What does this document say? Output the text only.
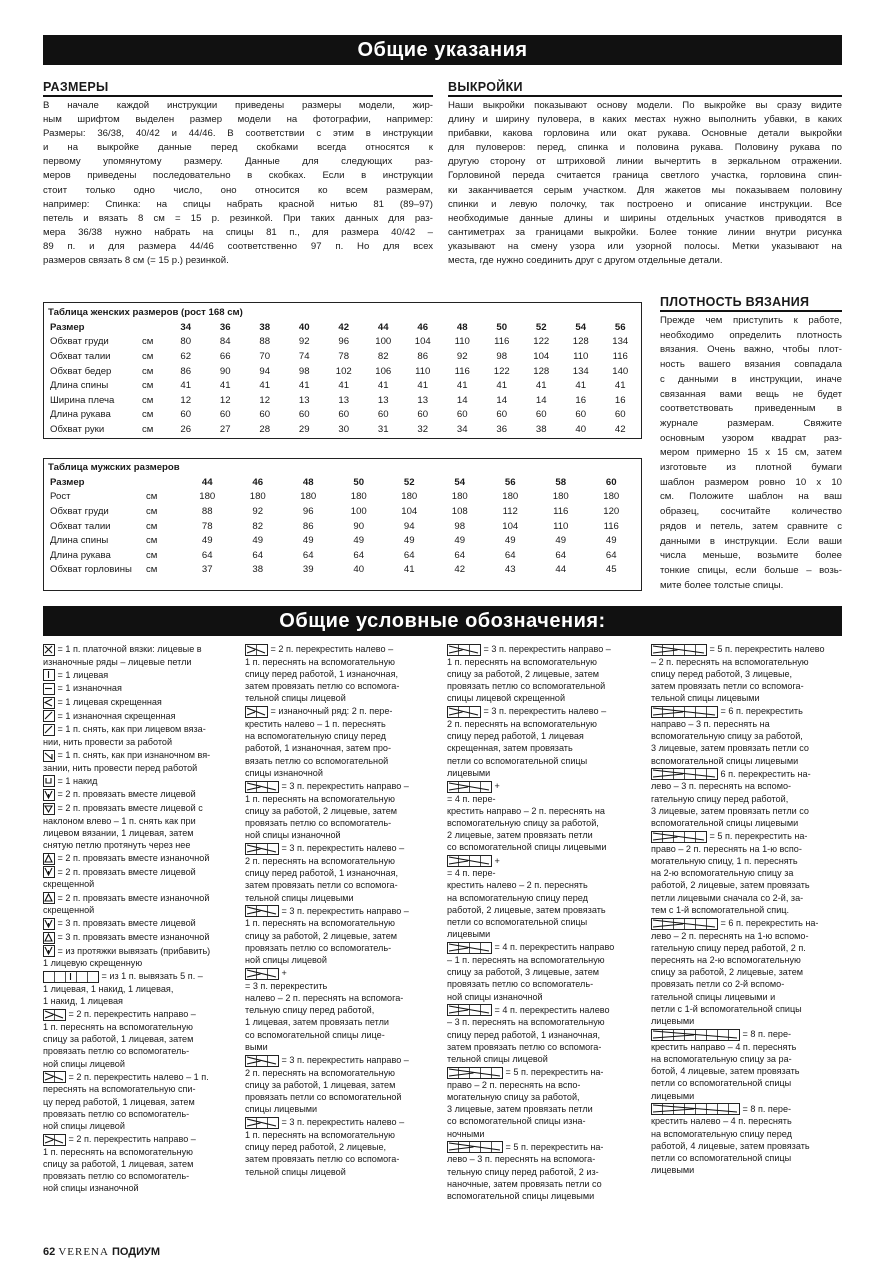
Общие указания
РАЗМЕРЫ
В начале каждой инструкции приведены размеры модели, жир-
ным шрифтом выделен размер модели на фотографии, например:
Размеры: 36/38, 40/42 и 44/46. В соответствии с этим в инструкции
и на выкройке данные перед скобками всегда относятся к
первому упомянутому размеру. Данные для следующих раз-
меров приведены последовательно в скобках. Если в инструкции
стоит только одно число, оно относится ко всем размерам,
например: Спинка: на спицы набрать красной нитью 81 (89–97)
петель и вязать 8 см = 15 р. резинкой. При таких данных для раз-
мера 36/38 нужно набрать на спицы 81 п., для размера 40/42 –
89 п. и для размера 44/46 соответственно 97 п. Но для всех
размеров связать 8 см (= 15 р.) резинкой.
ВЫКРОЙКИ
Наши выкройки показывают основу модели. По выкройке вы сразу видите
длину и ширину пуловера, в каких местах нужно выполнить убавки, в каких
прибавки, какова горловина или окат рукава. Основные детали выкройки
для пуловеров: перед, спинка и половина рукава. Половину рукава по
другую сторону от штриховой линии вычертить в зеркальном отражении.
Горловиной переда считается граница светлого участка, горловина спин-
ки заканчивается серым участком. Для жакетов мы показываем половину
спинки и левую полочку, так построено и описание инструкции. Все
необходимые данные длины и ширины отдельных участков приводятся в
сантиметрах за границами выкройки. Более тонкие линии внутри рисунка
указывают на смену узора или узорной полосы. Метки указывают на
места, где нужно соединить друг с другом отдельные детали.
Таблица женских размеров (рост 168 см)
Размер		34	36	38	40	42	44	46	48	50	52	54	56
Обхват груди	см	80	84	88	92	96	100	104	110	116	122	128	134
Обхват талии	см	62	66	70	74	78	82	86	92	98	104	110	116
Обхват бедер	см	86	90	94	98	102	106	110	116	122	128	134	140
Длина спины	см	41	41	41	41	41	41	41	41	41	41	41	41
Ширина плеча	см	12	12	12	13	13	13	13	14	14	14	16	16
Длина рукава	см	60	60	60	60	60	60	60	60	60	60	60	60
Обхват руки	см	26	27	28	29	30	31	32	34	36	38	40	42
Таблица мужских размеров
Размер		44	46	48	50	52	54	56	58	60
Рост	см	180	180	180	180	180	180	180	180	180
Обхват груди	см	88	92	96	100	104	108	112	116	120
Обхват талии	см	78	82	86	90	94	98	104	110	116
Длина спины	см	49	49	49	49	49	49	49	49	49
Длина рукава	см	64	64	64	64	64	64	64	64	64
Обхват горловины	см	37	38	39	40	41	42	43	44	45
ПЛОТНОСТЬ ВЯЗАНИЯ
Прежде чем приступить к работе,
необходимо определить плотность
вязания. Очень важно, чтобы плот-
ность вашего вязания совпадала
с данными в инструкции, иначе
связанная вами вещь не будет
соответствовать приведенным в
журнале размерам. Свяжите
основным узором квадрат раз-
мером примерно 15 х 15 см, затем
изготовьте из плотной бумаги
шаблон размером ровно 10 х 10
см. Положите шаблон на ваш
образец, сосчитайте количество
рядов и петель, затем сравните с
данными в инструкции. Если ваши
числа меньше, возьмите более
тонкие спицы, если больше – возь-
мите более толстые спицы.
Общие условные обозначения:
= 1 п. платочной вязки: лицевые в
изнаночные ряды – лицевые петли
= 1 лицевая
= 1 изнаночная
= 1 лицевая скрещенная
= 1 изнаночная скрещенная
= 1 п. снять, как при лицевом вяза-
нии, нить провести за работой
= 1 п. снять, как при изнаночном вя-
зании, нить провести перед работой
= 1 накид
= 2 п. провязать вместе лицевой
= 2 п. провязать вместе лицевой с
наклоном влево – 1 п. снять как при
лицевом вязании, 1 лицевая, затем
снятую петлю протянуть через нее
= 2 п. провязать вместе изнаночной
= 2 п. провязать вместе лицевой
скрещенной
= 2 п. провязать вместе изнаночной
скрещенной
= 3 п. провязать вместе лицевой
= 3 п. провязать вместе изнаночной
= из протяжки вывязать (прибавить)
1 лицевую скрещенную
= из 1 п. вывязать 5 п. –
1 лицевая, 1 накид, 1 лицевая,
1 накид, 1 лицевая
= 2 п. перекрестить направо –
1 п. переснять на вспомогательную
спицу за работой, 1 лицевая, затем
провязать петлю со вспомогатель-
ной спицы лицевой
= 2 п. перекрестить налево – 1 п.
переснять на вспомогательную спи-
цу перед работой, 1 лицевая, затем
провязать петлю со вспомогатель-
ной спицы лицевой
= 2 п. перекрестить направо –
1 п. переснять на вспомогательную
спицу за работой, 1 лицевая, затем
провязать петлю со вспомогатель-
ной спицы изнаночной
= 2 п. перекрестить налево –
1 п. переснять на вспомогательную
спицу перед работой, 1 изнаночная,
затем провязать петлю со вспомога-
тельной спицы лицевой
= изнаночный ряд: 2 п. пере-
крестить налево – 1 п. переснять
на вспомогательную спицу перед
работой, 1 изнаночная, затем про-
вязать петлю со вспомогательной
спицы изнаночной
= 3 п. перекрестить направо –
1 п. переснять на вспомогательную
спицу за работой, 2 лицевые, затем
провязать петлю со вспомогатель-
ной спицы изнаночной
= 3 п. перекрестить налево –
2 п. переснять на вспомогательную
спицу перед работой, 1 изнаночная,
затем провязать петли со вспомога-
тельной спицы лицевыми
= 3 п. перекрестить направо –
1 п. переснять на вспомогательную
спицу за работой, 2 лицевые, затем
провязать петлю со вспомогатель-
ной спицы лицевой
+
= 3 п. перекрестить
налево – 2 п. переснять на вспомога-
тельную спицу перед работой,
1 лицевая, затем провязать петли
со вспомогательной спицы лице-
выми
= 3 п. перекрестить направо –
2 п. переснять на вспомогательную
спицу за работой, 1 лицевая, затем
провязать петли со вспомогательной
спицы лицевыми
= 3 п. перекрестить налево –
1 п. переснять на вспомогательную
спицу перед работой, 2 лицевые,
затем провязать петлю со вспомога-
тельной спицы лицевой
= 3 п. перекрестить направо –
1 п. переснять на вспомогательную
спицу за работой, 2 лицевые, затем
провязать петлю со вспомогательной
спицы лицевой скрещенной
= 3 п. перекрестить налево –
2 п. переснять на вспомогательную
спицу перед работой, 1 лицевая
скрещенная, затем провязать
петли со вспомогательной спицы
лицевыми
+
= 4 п. пере-
крестить направо – 2 п. переснять на
вспомогательную спицу за работой,
2 лицевые, затем провязать петли
со вспомогательной спицы лицевыми
+
= 4 п. пере-
крестить налево – 2 п. переснять
на вспомогательную спицу перед
работой, 2 лицевые, затем провязать
петли со вспомогательной спицы
лицевыми
= 4 п. перекрестить направо
– 1 п. переснять на вспомогательную
спицу за работой, 3 лицевые, затем
провязать петлю со вспомогатель-
ной спицы изнаночной
= 4 п. перекрестить налево
– 3 п. переснять на вспомогательную
спицу перед работой, 1 изнаночная,
затем провязать петлю со вспомога-
тельной спицы лицевой
= 5 п. перекрестить на-
право – 2 п. переснять на вспо-
могательную спицу за работой,
3 лицевые, затем провязать петли
со вспомогательной спицы изна-
ночными
= 5 п. перекрестить на-
лево – 3 п. переснять на вспомога-
тельную спицу перед работой, 2 из-
наночные, затем провязать петли со
вспомогательной спицы лицевыми
= 5 п. перекрестить налево
– 2 п. переснять на вспомогательную
спицу перед работой, 3 лицевые,
затем провязать петли со вспомога-
тельной спицы лицевыми
= 6 п. перекрестить
направо – 3 п. переснять на
вспомогательную спицу за работой,
3 лицевые, затем провязать петли со
вспомогательной спицы лицевыми
6 п. перекрестить на-
лево – 3 п. переснять на вспомо-
гательную спицу перед работой,
3 лицевые, затем провязать петли со
вспомогательной спицы лицевыми
= 5 п. перекрестить на-
право – 2 п. переснять на 1-ю вспо-
могательную спицу, 1 п. переснять
на 2-ю вспомогательную спицу за
работой, 2 лицевые, затем провязать
петли лицевыми сначала со 2-й, за-
тем с 1-й вспомогательной спиц.
= 6 п. перекрестить на-
лево – 2 п. переснять на 1-ю вспомо-
гательную спицу перед работой, 2 п.
переснять на 2-ю вспомогательную
спицу за работой, 2 лицевые, затем
провязать петли со 2-й вспомо-
гательной спицы лицевыми и
петли с 1-й вспомогательной спицы
лицевыми
= 8 п. пере-
крестить направо – 4 п. переснять
на вспомогательную спицу за ра-
ботой, 4 лицевые, затем провязать
петли со вспомогательной спицы
лицевыми
= 8 п. пере-
крестить налево – 4 п. переснять
на вспомогательную спицу перед
работой, 4 лицевые, затем провязать
петли со вспомогательной спицы
лицевыми
62 VERENA ПОДИУМ
